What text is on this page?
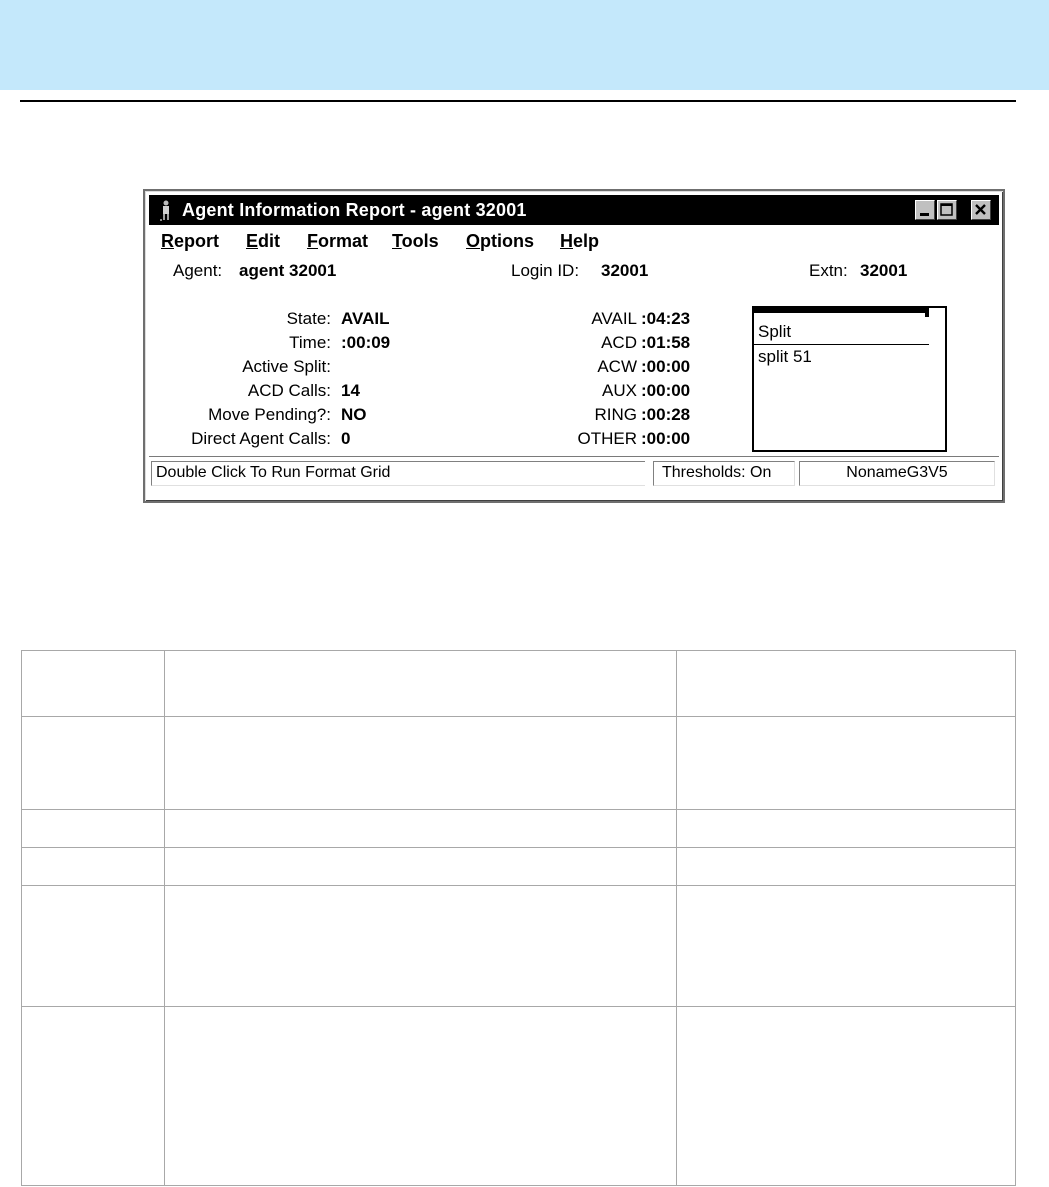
Agent Information Report - agent 32001
Report Edit Format Tools Options Help
Agent: agent 32001	Login ID: 32001	Extn: 32001
State: AVAIL
Time: :00:09
Active Split:
ACD Calls: 14
Move Pending?: NO
Direct Agent Calls: 0
AVAIL :04:23
ACD :01:58
ACW :00:00
AUX :00:00
RING :00:28
OTHER :00:00
Split
split 51
Double Click To Run Format Grid	Thresholds: On	NonameG3V5
